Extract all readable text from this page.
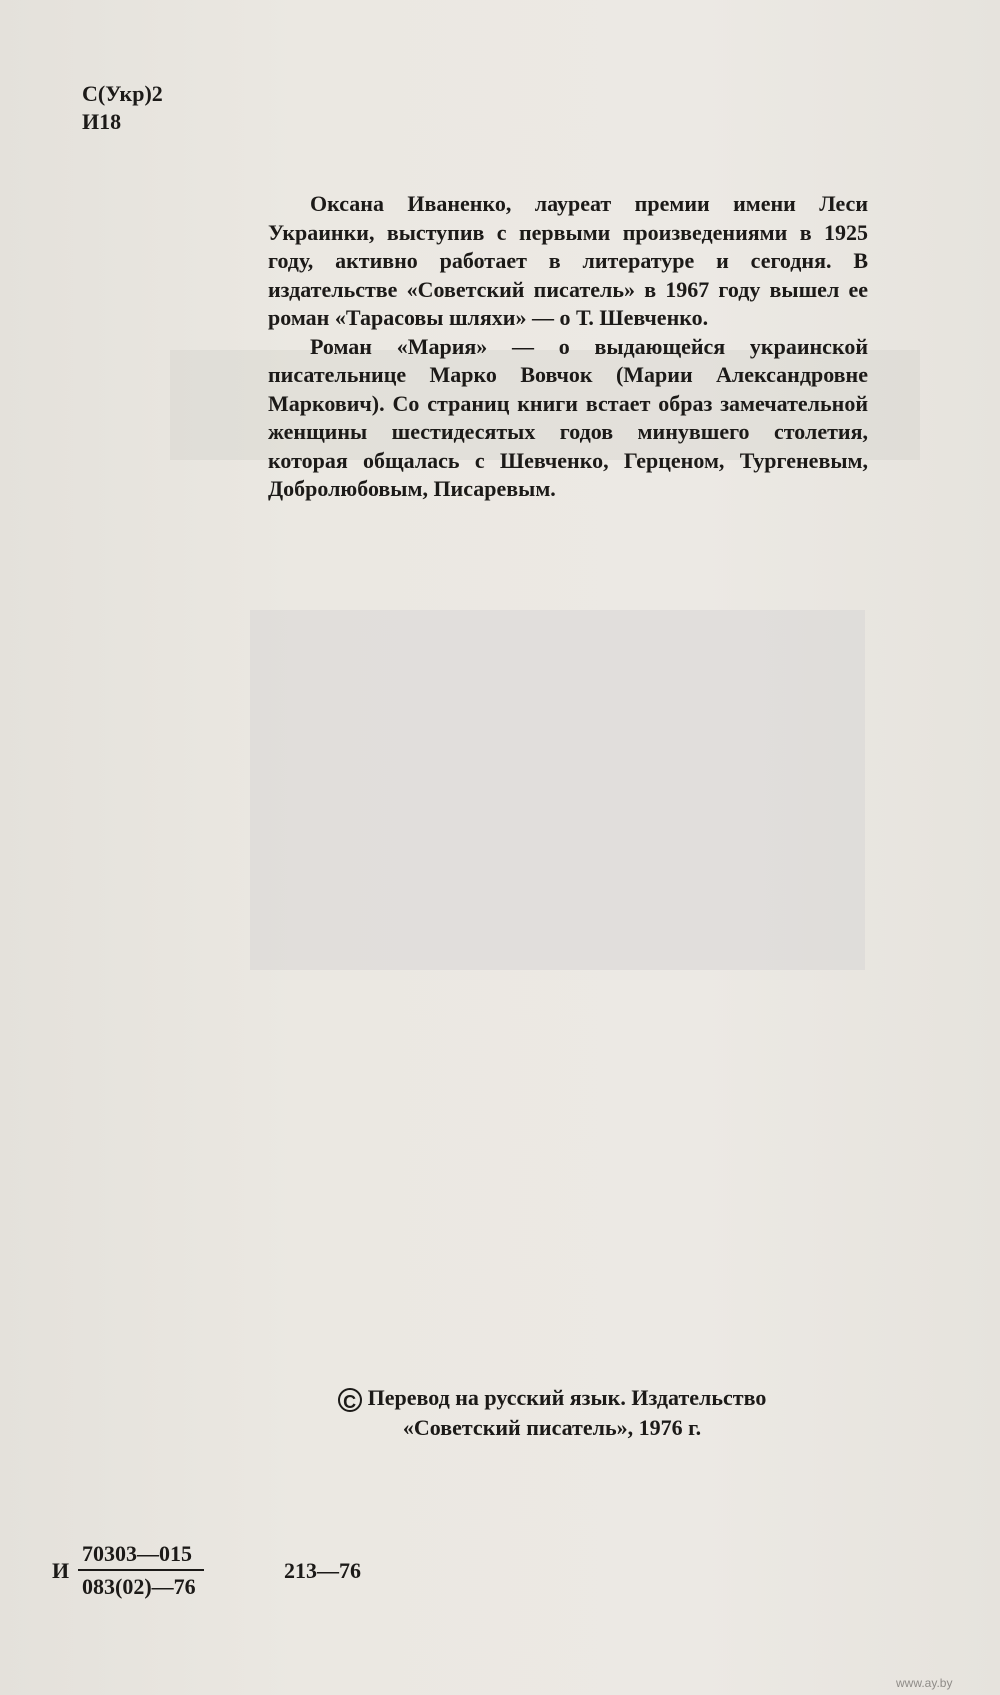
С(Укр)2
И18

Оксана Иваненко, лауреат премии имени Леси Украинки, выступив с первыми произведениями в 1925 году, активно работает в литературе и сегодня. В издательстве «Советский писатель» в 1967 году вышел ее роман «Тарасовы шляхи» — о Т. Шевченко.

Роман «Мария» — о выдающейся украинской писательнице Марко Вовчок (Марии Александровне Маркович). Со страниц книги встает образ замечательной женщины шестидесятых годов минувшего столетия, которая общалась с Шевченко, Герценом, Тургеневым, Добролюбовым, Писаревым.

C Перевод на русский язык. Издательство
«Советский писатель», 1976 г.
И
70303—015
083(02)—76
213—76
www.ay.by
